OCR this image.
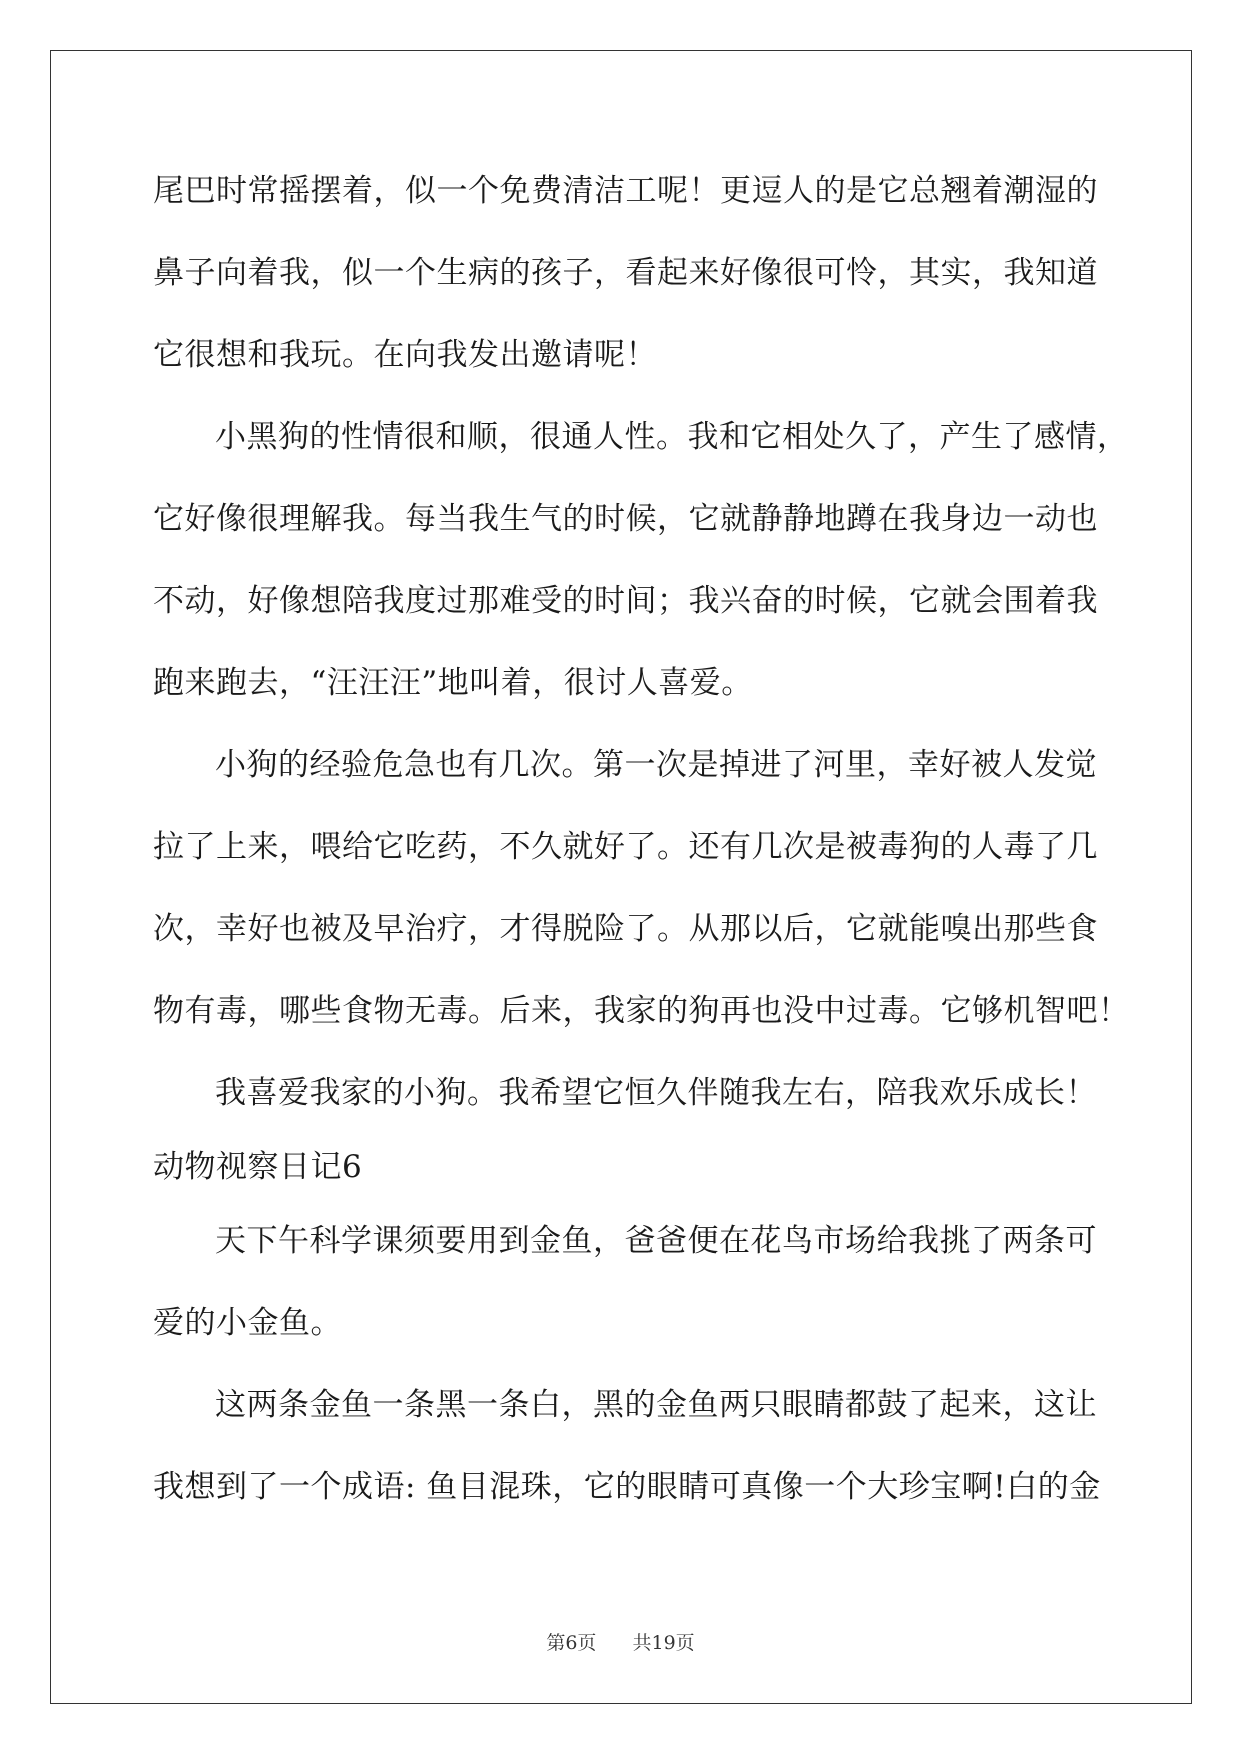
尾巴时常摇摆着，似一个免费清洁工呢！更逗人的是它总翘着潮湿的
鼻子向着我，似一个生病的孩子，看起来好像很可怜，其实，我知道
它很想和我玩。在向我发出邀请呢！
小黑狗的性情很和顺，很通人性。我和它相处久了，产生了感情，
它好像很理解我。每当我生气的时候，它就静静地蹲在我身边一动也
不动，好像想陪我度过那难受的时间；我兴奋的时候，它就会围着我
跑来跑去，“汪汪汪”地叫着，很讨人喜爱。
小狗的经验危急也有几次。第一次是掉进了河里，幸好被人发觉
拉了上来，喂给它吃药，不久就好了。还有几次是被毒狗的人毒了几
次，幸好也被及早治疗，才得脱险了。从那以后，它就能嗅出那些食
物有毒，哪些食物无毒。后来，我家的狗再也没中过毒。它够机智吧！
我喜爱我家的小狗。我希望它恒久伴随我左右，陪我欢乐成长！
动物视察日记6
天下午科学课须要用到金鱼，爸爸便在花鸟市场给我挑了两条可
爱的小金鱼。
这两条金鱼一条黑一条白，黑的金鱼两只眼睛都鼓了起来，这让
我想到了一个成语: 鱼目混珠，它的眼睛可真像一个大珍宝啊!白的金
第6页 共19页
